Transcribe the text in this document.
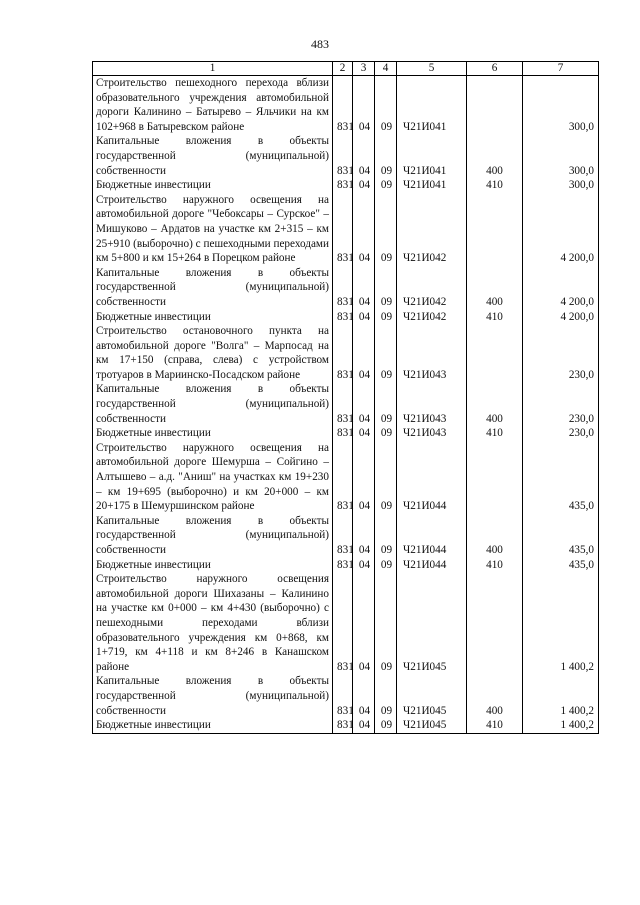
483
1	2	3	4	5	6	7
Строительство пешеходного перехода вблизи образовательного учреждения автомобильной дороги Калинино – Батырево – Яльчики на км 102+968 в Батыревском районе	831	04	09	Ч21И041		300,0
Капитальные вложения в объекты государственной (муниципальной) собственности	831	04	09	Ч21И041	400	300,0
Бюджетные инвестиции	831	04	09	Ч21И041	410	300,0
Строительство наружного освещения на автомобильной дороге "Чебоксары – Сурское" – Мишуково – Ардатов на участке км 2+315 – км 25+910 (выборочно) с пешеходными переходами км 5+800 и км 15+264 в Порецком районе	831	04	09	Ч21И042		4 200,0
Капитальные вложения в объекты государственной (муниципальной) собственности	831	04	09	Ч21И042	400	4 200,0
Бюджетные инвестиции	831	04	09	Ч21И042	410	4 200,0
Строительство остановочного пункта на автомобильной дороге "Волга" – Марпосад на км 17+150 (справа, слева) с устройством тротуаров в Мариинско-Посадском районе	831	04	09	Ч21И043		230,0
Капитальные вложения в объекты государственной (муниципальной) собственности	831	04	09	Ч21И043	400	230,0
Бюджетные инвестиции	831	04	09	Ч21И043	410	230,0
Строительство наружного освещения на автомобильной дороге Шемурша – Сойгино – Алтышево – а.д. "Аниш" на участках км 19+230 – км 19+695 (выборочно) и км 20+000 – км 20+175 в Шемуршинском районе	831	04	09	Ч21И044		435,0
Капитальные вложения в объекты государственной (муниципальной) собственности	831	04	09	Ч21И044	400	435,0
Бюджетные инвестиции	831	04	09	Ч21И044	410	435,0
Строительство наружного освещения автомобильной дороги Шихазаны – Калинино на участке км 0+000 – км 4+430 (выборочно) с пешеходными переходами вблизи образовательного учреждения км 0+868, км 1+719, км 4+118 и км 8+246 в Канашском районе	831	04	09	Ч21И045		1 400,2
Капитальные вложения в объекты государственной (муниципальной) собственности	831	04	09	Ч21И045	400	1 400,2
Бюджетные инвестиции	831	04	09	Ч21И045	410	1 400,2
